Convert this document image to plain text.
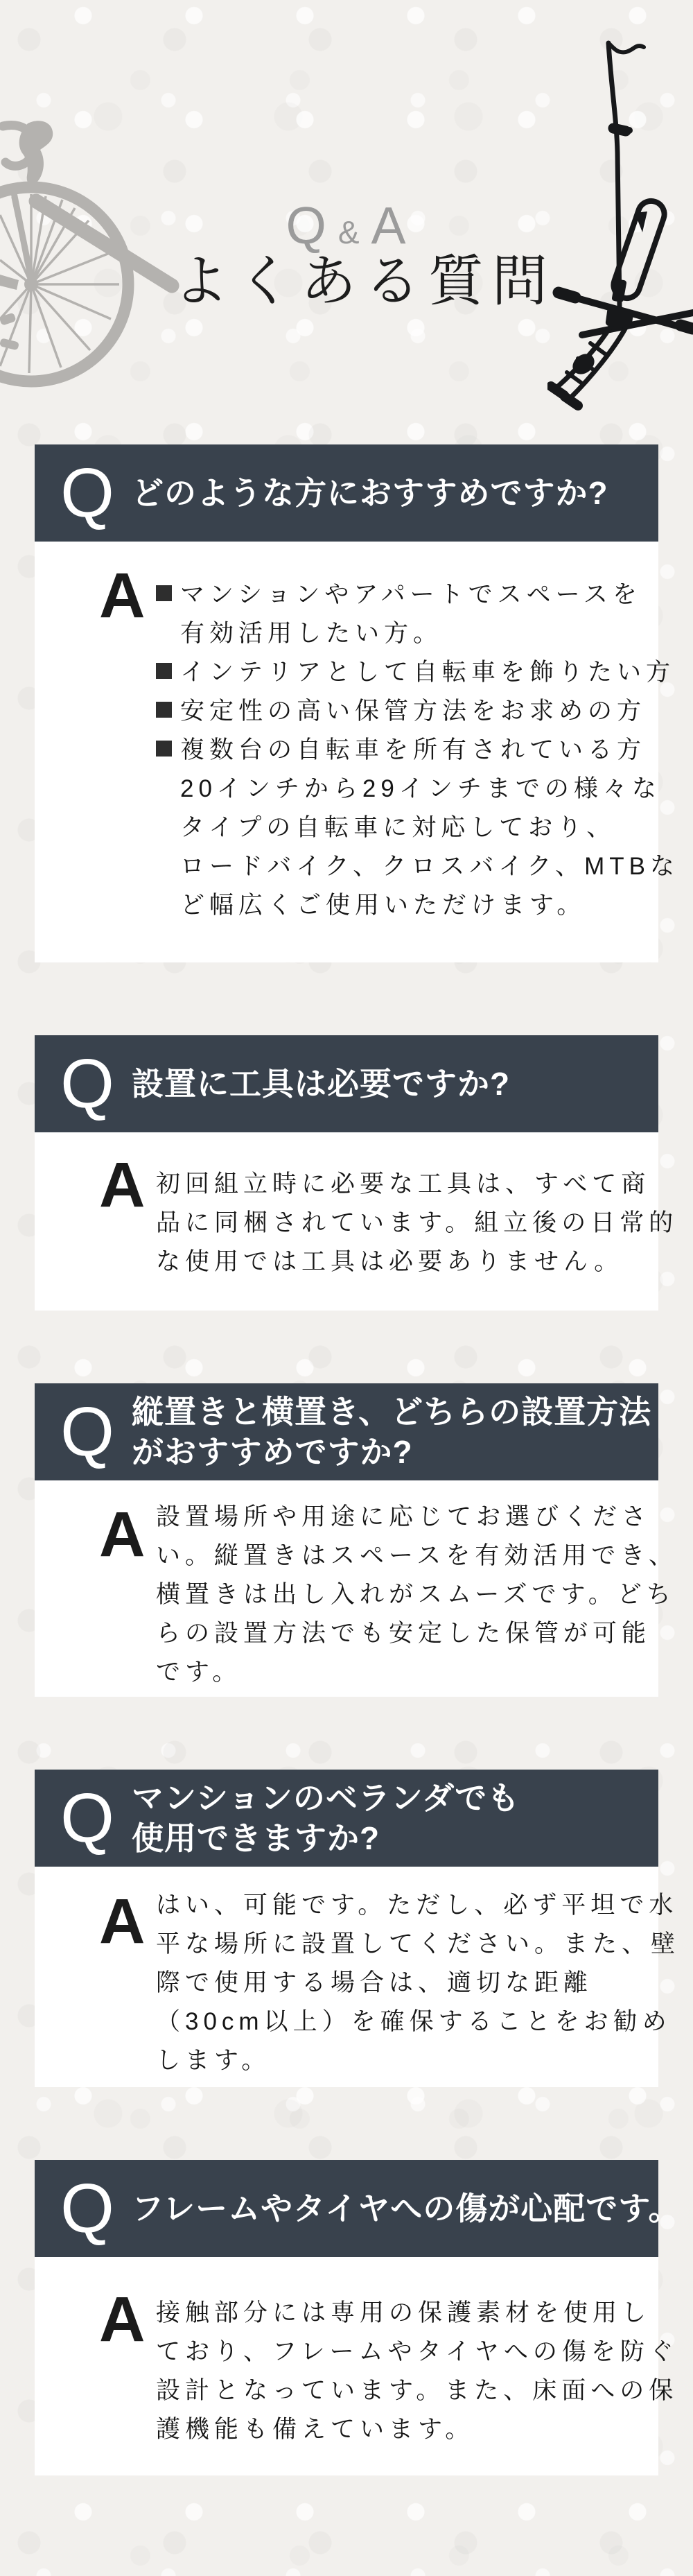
Q & A
よくある質問
Q どのような方におすすめですか?
A	マンションやアパートでスペースを
有効活用したい方。
インテリアとして自転車を飾りたい方
安定性の高い保管方法をお求めの方
複数台の自転車を所有されている方
20インチから29インチまでの様々な
タイプの自転車に対応しており、
ロードバイク、クロスバイク、MTBな
ど幅広くご使用いただけます。
Q 設置に工具は必要ですか?
A 初回組立時に必要な工具は、すべて商
品に同梱されています。組立後の日常的
な使用では工具は必要ありません。
Q 縦置きと横置き、どちらの設置方法
がおすすめですか?
A 設置場所や用途に応じてお選びくださ
い。縦置きはスペースを有効活用でき、
横置きは出し入れがスムーズです。どち
らの設置方法でも安定した保管が可能
です。
Q マンションのベランダでも
使用できますか?
A はい、可能です。ただし、必ず平坦で水
平な場所に設置してください。また、壁
際で使用する場合は、適切な距離
（30cm以上）を確保することをお勧め
します。
Q フレームやタイヤへの傷が心配です。
A 接触部分には専用の保護素材を使用し
ており、フレームやタイヤへの傷を防ぐ
設計となっています。また、床面への保
護機能も備えています。
